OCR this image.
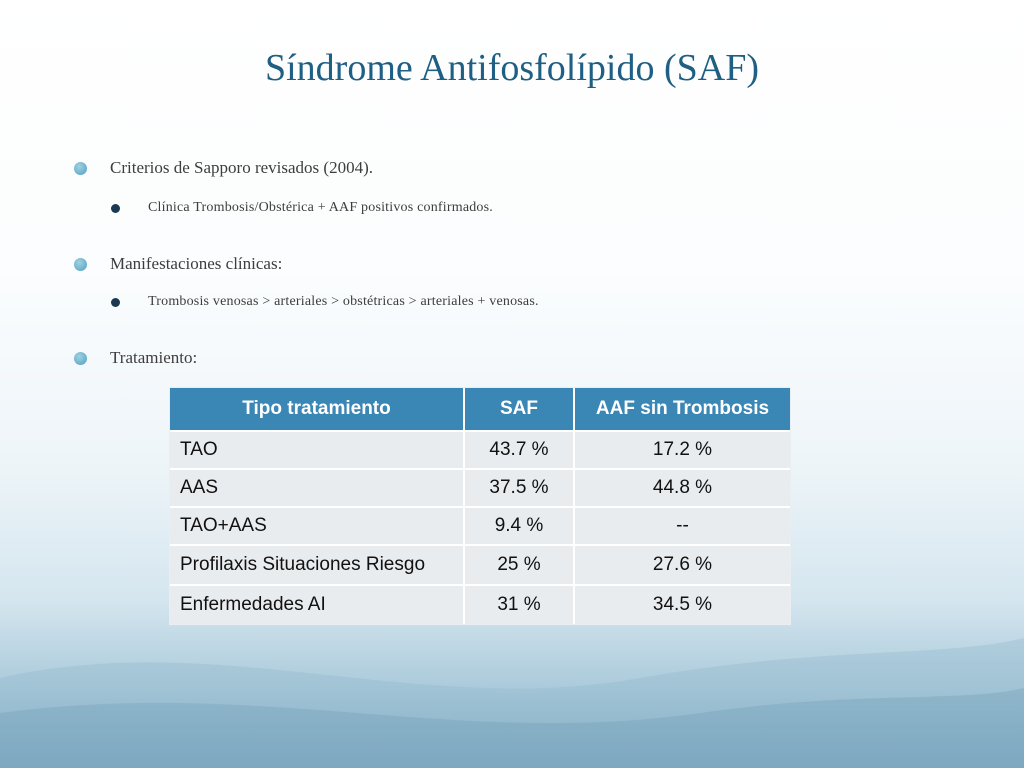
Síndrome Antifosfolípido (SAF)
Criterios de Sapporo revisados (2004).
Clínica Trombosis/Obstérica + AAF positivos confirmados.
Manifestaciones clínicas:
Trombosis venosas > arteriales > obstétricas > arteriales + venosas.
Tratamiento:
Tipo tratamiento	SAF	AAF sin Trombosis
TAO	43.7 %	17.2 %
AAS	37.5 %	44.8 %
TAO+AAS	9.4 %	--
Profilaxis Situaciones Riesgo	25 %	27.6 %
Enfermedades AI	31 %	34.5 %
